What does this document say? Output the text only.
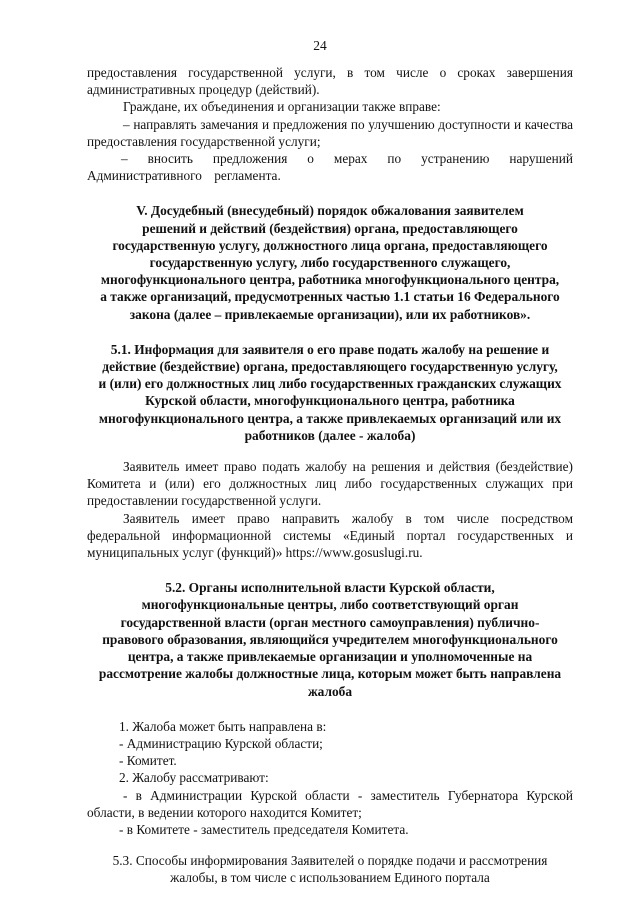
24

предоставления государственной услуги, в том числе о сроках завершения административных процедур (действий).

Граждане, их объединения и организации также вправе:

– направлять замечания и предложения по улучшению доступности и качества предоставления государственной услуги;

– вносить предложения о мерах по устранению нарушений Административного регламента.

V. Досудебный (внесудебный) порядок обжалования заявителем
решений и действий (бездействия) органа, предоставляющего
государственную услугу, должностного лица органа, предоставляющего
государственную услугу, либо государственного служащего,
многофункционального центра, работника многофункционального центра,
а также организаций, предусмотренных частью 1.1 статьи 16 Федерального
закона (далее – привлекаемые организации), или их работников».
5.1. Информация для заявителя о его праве подать жалобу на решение и
действие (бездействие) органа, предоставляющего государственную услугу,
и (или) его должностных лиц либо государственных гражданских служащих
Курской области, многофункционального центра, работника
многофункционального центра, а также привлекаемых организаций или их
работников (далее - жалоба)

Заявитель имеет право подать жалобу на решения и действия (бездействие) Комитета и (или) его должностных лиц либо государственных служащих при предоставлении государственной услуги.

Заявитель имеет право направить жалобу в том числе посредством федеральной информационной системы «Единый портал государственных и муниципальных услуг (функций)» https://www.gosuslugi.ru.

5.2. Органы исполнительной власти Курской области,
многофункциональные центры, либо соответствующий орган
государственной власти (орган местного самоуправления) публично-
правового образования, являющийся учредителем многофункционального
центра, а также привлекаемые организации и уполномоченные на
рассмотрение жалобы должностные лица, которым может быть направлена
жалоба

1. Жалоба может быть направлена в:

- Администрацию Курской области;

- Комитет.

2. Жалобу рассматривают:

- в Администрации Курской области - заместитель Губернатора Курской области, в ведении которого находится Комитет;

- в Комитете - заместитель председателя Комитета.

5.3. Способы информирования Заявителей о порядке подачи и рассмотрения
жалобы, в том числе с использованием Единого портала
